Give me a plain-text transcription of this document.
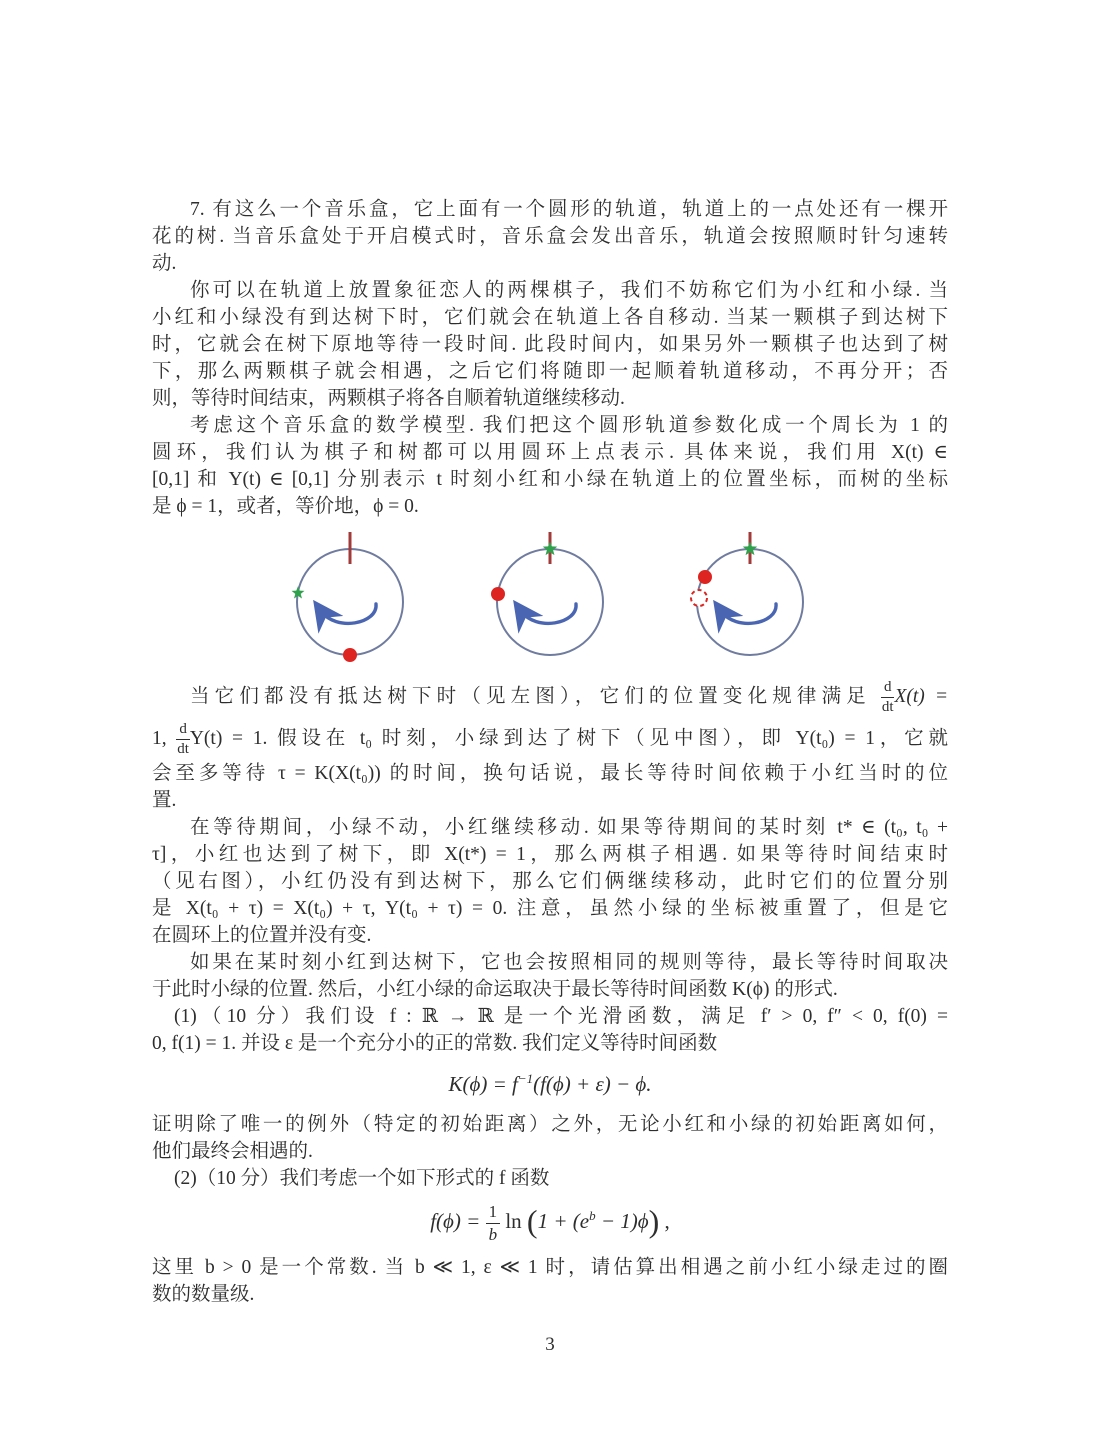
7. 有这么一个音乐盒，它上面有一个圆形的轨道，轨道上的一点处还有一棵开
花的树. 当音乐盒处于开启模式时，音乐盒会发出音乐，轨道会按照顺时针匀速转
动.
你可以在轨道上放置象征恋人的两棵棋子，我们不妨称它们为小红和小绿. 当
小红和小绿没有到达树下时，它们就会在轨道上各自移动. 当某一颗棋子到达树下
时，它就会在树下原地等待一段时间. 此段时间内，如果另外一颗棋子也达到了树
下，那么两颗棋子就会相遇，之后它们将随即一起顺着轨道移动，不再分开；否
则，等待时间结束，两颗棋子将各自顺着轨道继续移动.
考虑这个音乐盒的数学模型. 我们把这个圆形轨道参数化成一个周长为 1 的
圆环，我们认为棋子和树都可以用圆环上点表示. 具体来说，我们用 X(t) ∈
[0,1] 和 Y(t) ∈ [0,1] 分别表示 t 时刻小红和小绿在轨道上的位置坐标，而树的坐标
是 ϕ = 1，或者，等价地，ϕ = 0.
当它们都没有抵达树下时（见左图），它们的位置变化规律满足 $\frac{d}{dt} X(t)$ =
1, $\frac{d}{dt} Y(t) = 1$. 假设在 t₀ 时刻，小绿到达了树下（见中图），即 Y(t₀) = 1，它就
会至多等待 τ = K(X(t₀)) 的时间，换句话说，最长等待时间依赖于小红当时的位
置.
在等待期间，小绿不动，小红继续移动. 如果等待期间的某时刻 t* ∈ (t₀, t₀ +
τ]，小红也达到了树下，即 X(t*) = 1，那么两棋子相遇. 如果等待时间结束时
（见右图），小红仍没有到达树下，那么它们俩继续移动，此时它们的位置分别
是 X(t₀ + τ) = X(t₀) + τ, Y(t₀ + τ) = 0. 注意，虽然小绿的坐标被重置了，但是它
在圆环上的位置并没有变.
如果在某时刻小红到达树下，它也会按照相同的规则等待，最长等待时间取决
于此时小绿的位置. 然后，小红小绿的命运取决于最长等待时间函数 K(ϕ) 的形式.
(1)（10 分）我们设 f : ℝ → ℝ 是一个光滑函数，满足 f′ > 0, f″ < 0, f(0) =
0, f(1) = 1. 并设 ε 是一个充分小的正的常数. 我们定义等待时间函数
$K(\phi) = f^{-1}(f(\phi) + \varepsilon) - \phi$.
证明除了唯一的例外（特定的初始距离）之外，无论小红和小绿的初始距离如何，
他们最终会相遇的.
(2)（10 分）我们考虑一个如下形式的 f 函数
$f(\phi) = \frac{1}{b}$ $\ln (1 + (e^b - 1)\phi)$ ,
这里 b > 0 是一个常数. 当 b ≪ 1, ε ≪ 1 时，请估算出相遇之前小红小绿走过的圈
数的数量级.
3
